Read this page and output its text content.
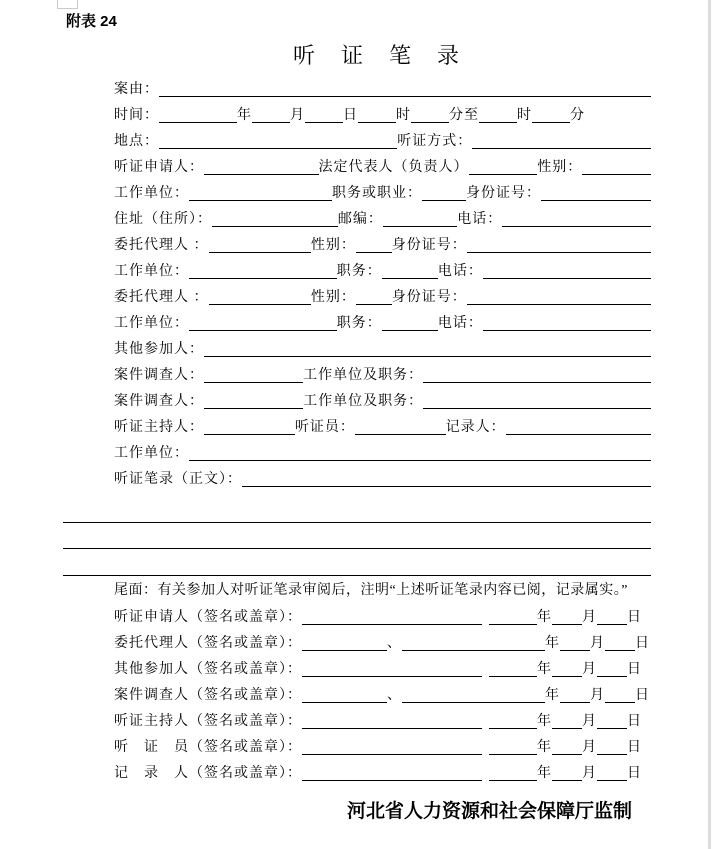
附表 24
听　证　笔　录
案由：
时间：	年	月	日	时	分至	时	分
地点：	听证方式：
听证申请人：	法定代表人（负责人）	性别：
工作单位：	职务或职业：	身份证号：
住址（住所）：	邮编：	电话：
委托代理人 ：	性别：	身份证号：
工作单位：	职务：	电话：
委托代理人 ：	性别：	身份证号：
工作单位：	职务：	电话：
其他参加人：
案件调查人：	工作单位及职务：
案件调查人：	工作单位及职务：
听证主持人：	听证员：	记录人：
工作单位：
听证笔录（正文）：
尾面：有关参加人对听证笔录审阅后，注明“上述听证笔录内容已阅，记录属实。”
听证申请人（签名或盖章）：	年 月 日
委托代理人（签名或盖章）：	、	年 月 日
其他参加人（签名或盖章）：	年 月 日
案件调查人（签名或盖章）：	、	年 月 日
听证主持人（签名或盖章）：	年 月 日
听　证　员（签名或盖章）：	年 月 日
记　录　人（签名或盖章）：	年 月 日
河北省人力资源和社会保障厅监制
